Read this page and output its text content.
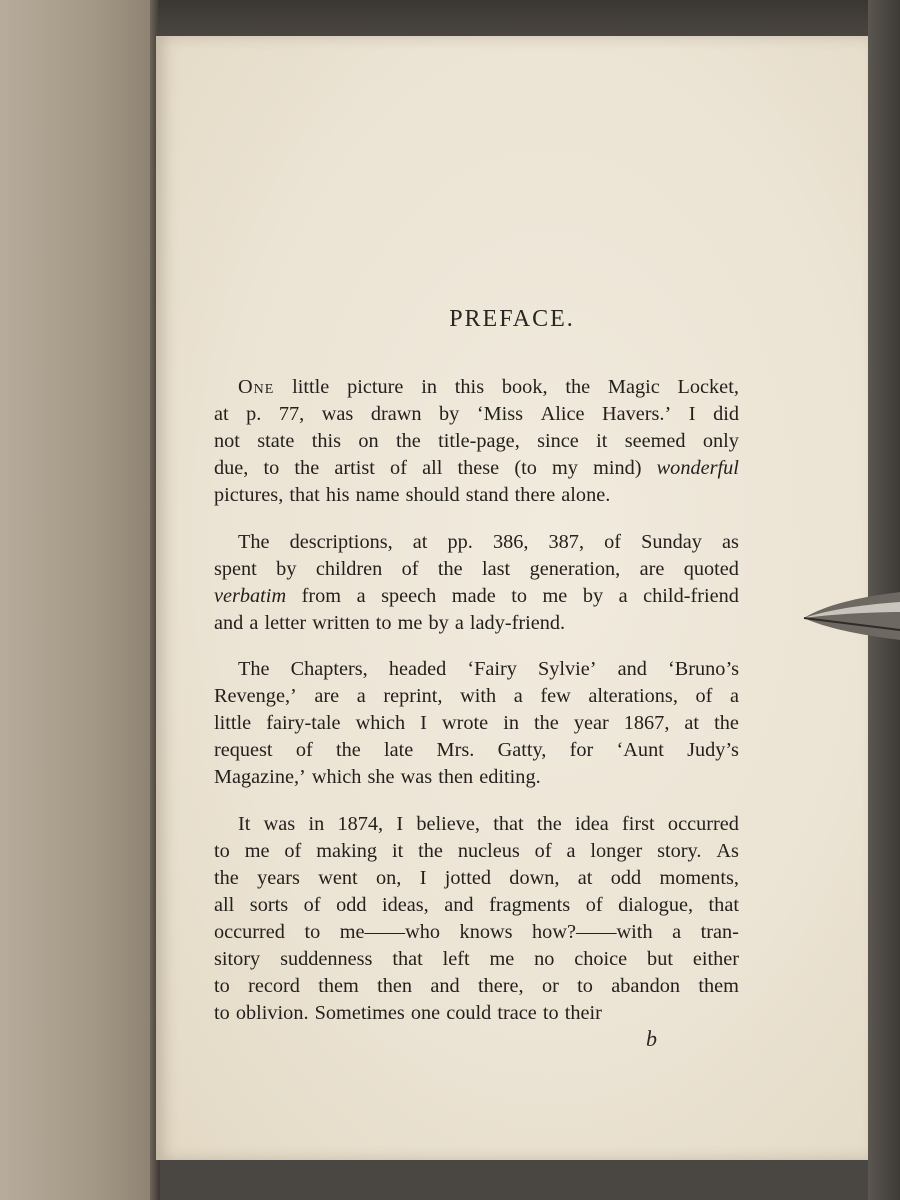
PREFACE.
One little picture in this book, the Magic Locket,
at p. 77, was drawn by ‘Miss Alice Havers.’ I did
not state this on the title-page, since it seemed only
due, to the artist of all these (to my mind) wonderful
pictures, that his name should stand there alone.
The descriptions, at pp. 386, 387, of Sunday as
spent by children of the last generation, are quoted
verbatim from a speech made to me by a child-friend
and a letter written to me by a lady-friend.
The Chapters, headed ‘Fairy Sylvie’ and ‘Bruno’s
Revenge,’ are a reprint, with a few alterations, of a
little fairy-tale which I wrote in the year 1867, at the
request of the late Mrs. Gatty, for ‘Aunt Judy’s
Magazine,’ which she was then editing.
It was in 1874, I believe, that the idea first occurred
to me of making it the nucleus of a longer story. As
the years went on, I jotted down, at odd moments,
all sorts of odd ideas, and fragments of dialogue, that
occurred to me——who knows how?——with a tran-
sitory suddenness that left me no choice but either
to record them then and there, or to abandon them
to oblivion. Sometimes one could trace to their
b
